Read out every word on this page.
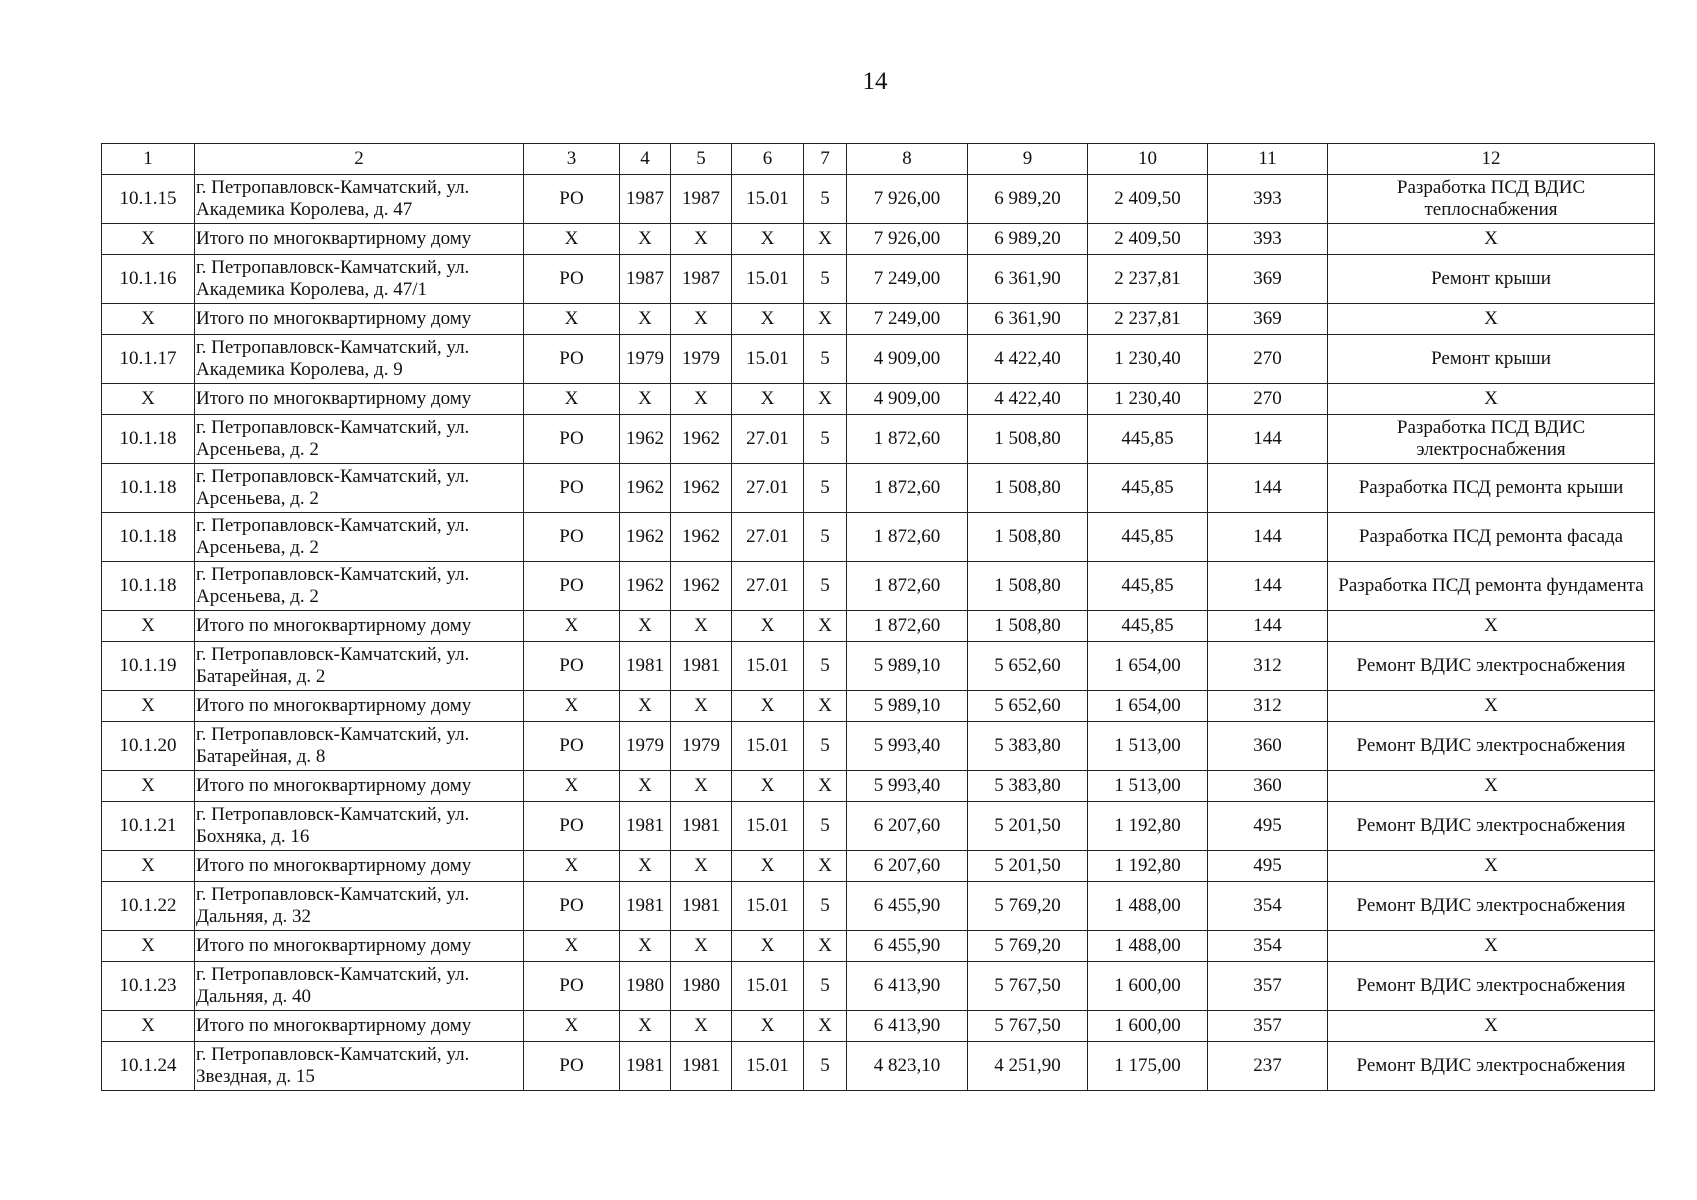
14
1	2	3	4	5	6	7	8	9	10	11	12
10.1.15	г. Петропавловск-Камчатский, ул. Академика Королева, д. 47	РО	1987	1987	15.01	5	7 926,00	6 989,20	2 409,50	393	Разработка ПСД ВДИС теплоснабжения
Х	Итого по многоквартирному дому	Х	Х	Х	Х	Х	7 926,00	6 989,20	2 409,50	393	Х
10.1.16	г. Петропавловск-Камчатский, ул. Академика Королева, д. 47/1	РО	1987	1987	15.01	5	7 249,00	6 361,90	2 237,81	369	Ремонт крыши
Х	Итого по многоквартирному дому	Х	Х	Х	Х	Х	7 249,00	6 361,90	2 237,81	369	Х
10.1.17	г. Петропавловск-Камчатский, ул. Академика Королева, д. 9	РО	1979	1979	15.01	5	4 909,00	4 422,40	1 230,40	270	Ремонт крыши
Х	Итого по многоквартирному дому	Х	Х	Х	Х	Х	4 909,00	4 422,40	1 230,40	270	Х
10.1.18	г. Петропавловск-Камчатский, ул. Арсеньева, д. 2	РО	1962	1962	27.01	5	1 872,60	1 508,80	445,85	144	Разработка ПСД ВДИС электроснабжения
10.1.18	г. Петропавловск-Камчатский, ул. Арсеньева, д. 2	РО	1962	1962	27.01	5	1 872,60	1 508,80	445,85	144	Разработка ПСД ремонта крыши
10.1.18	г. Петропавловск-Камчатский, ул. Арсеньева, д. 2	РО	1962	1962	27.01	5	1 872,60	1 508,80	445,85	144	Разработка ПСД ремонта фасада
10.1.18	г. Петропавловск-Камчатский, ул. Арсеньева, д. 2	РО	1962	1962	27.01	5	1 872,60	1 508,80	445,85	144	Разработка ПСД ремонта фундамента
Х	Итого по многоквартирному дому	Х	Х	Х	Х	Х	1 872,60	1 508,80	445,85	144	Х
10.1.19	г. Петропавловск-Камчатский, ул. Батарейная, д. 2	РО	1981	1981	15.01	5	5 989,10	5 652,60	1 654,00	312	Ремонт ВДИС электроснабжения
Х	Итого по многоквартирному дому	Х	Х	Х	Х	Х	5 989,10	5 652,60	1 654,00	312	Х
10.1.20	г. Петропавловск-Камчатский, ул. Батарейная, д. 8	РО	1979	1979	15.01	5	5 993,40	5 383,80	1 513,00	360	Ремонт ВДИС электроснабжения
Х	Итого по многоквартирному дому	Х	Х	Х	Х	Х	5 993,40	5 383,80	1 513,00	360	Х
10.1.21	г. Петропавловск-Камчатский, ул. Бохняка, д. 16	РО	1981	1981	15.01	5	6 207,60	5 201,50	1 192,80	495	Ремонт ВДИС электроснабжения
Х	Итого по многоквартирному дому	Х	Х	Х	Х	Х	6 207,60	5 201,50	1 192,80	495	Х
10.1.22	г. Петропавловск-Камчатский, ул. Дальняя, д. 32	РО	1981	1981	15.01	5	6 455,90	5 769,20	1 488,00	354	Ремонт ВДИС электроснабжения
Х	Итого по многоквартирному дому	Х	Х	Х	Х	Х	6 455,90	5 769,20	1 488,00	354	Х
10.1.23	г. Петропавловск-Камчатский, ул. Дальняя, д. 40	РО	1980	1980	15.01	5	6 413,90	5 767,50	1 600,00	357	Ремонт ВДИС электроснабжения
Х	Итого по многоквартирному дому	Х	Х	Х	Х	Х	6 413,90	5 767,50	1 600,00	357	Х
10.1.24	г. Петропавловск-Камчатский, ул. Звездная, д. 15	РО	1981	1981	15.01	5	4 823,10	4 251,90	1 175,00	237	Ремонт ВДИС электроснабжения
